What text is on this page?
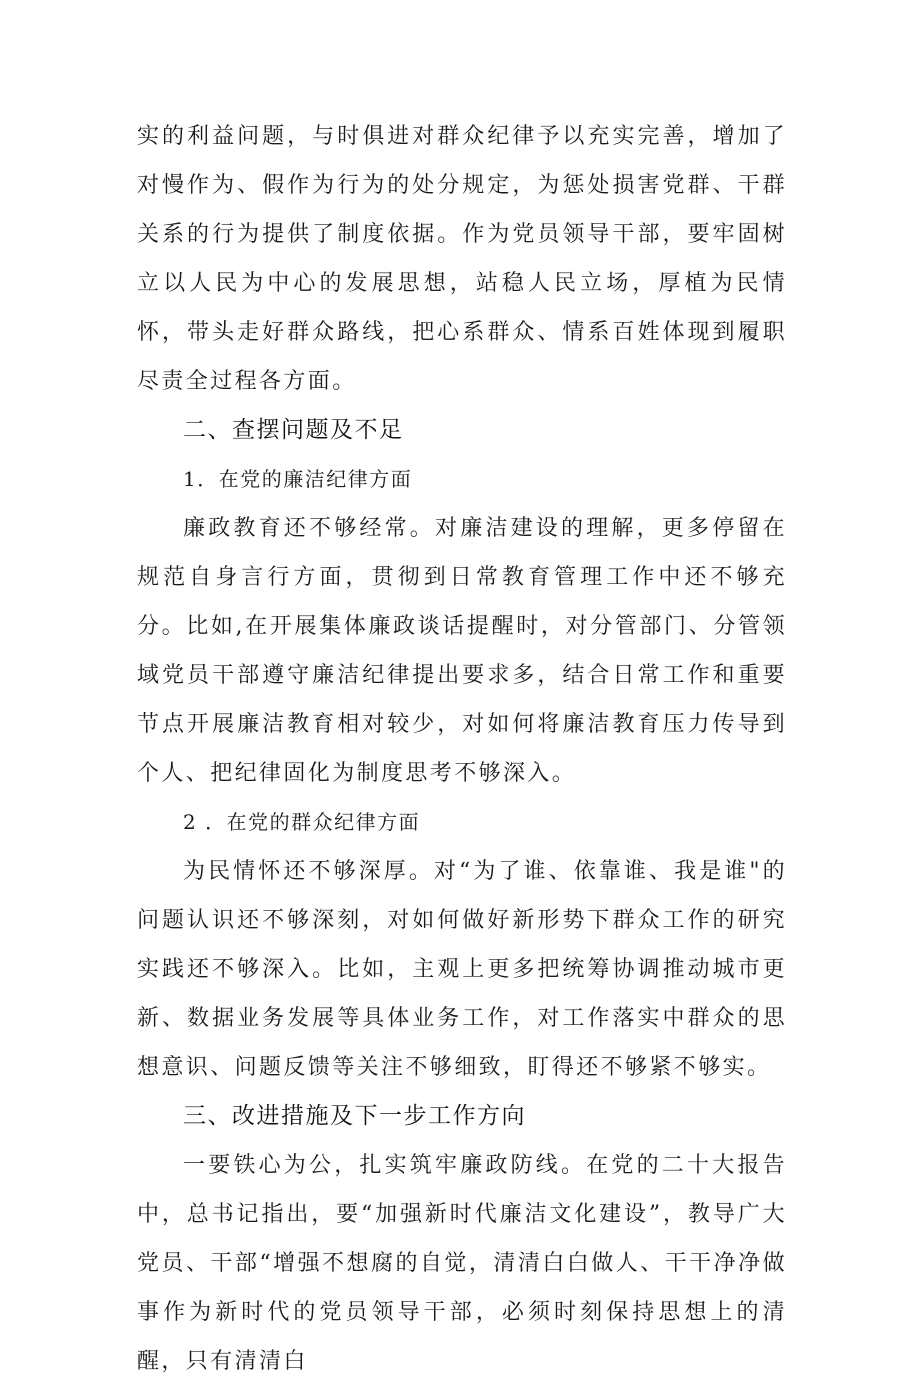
实的利益问题，与时俱进对群众纪律予以充实完善，增加了对慢作为、假作为行为的处分规定，为惩处损害党群、干群关系的行为提供了制度依据。作为党员领导干部，要牢固树立以人民为中心的发展思想，站稳人民立场，厚植为民情怀，带头走好群众路线，把心系群众、情系百姓体现到履职尽责全过程各方面。

二、查摆问题及不足

1．在党的廉洁纪律方面

廉政教育还不够经常。对廉洁建设的理解，更多停留在规范自身言行方面，贯彻到日常教育管理工作中还不够充分。比如,在开展集体廉政谈话提醒时，对分管部门、分管领域党员干部遵守廉洁纪律提出要求多，结合日常工作和重要节点开展廉洁教育相对较少，对如何将廉洁教育压力传导到个人、把纪律固化为制度思考不够深入。

2 ．在党的群众纪律方面

为民情怀还不够深厚。对“为了谁、依靠谁、我是谁"的问题认识还不够深刻，对如何做好新形势下群众工作的研究实践还不够深入。比如，主观上更多把统筹协调推动城市更新、数据业务发展等具体业务工作，对工作落实中群众的思想意识、问题反馈等关注不够细致，盯得还不够紧不够实。

三、改进措施及下一步工作方向

一要铁心为公，扎实筑牢廉政防线。在党的二十大报告中，总书记指出，要“加强新时代廉洁文化建设”，教导广大党员、干部“增强不想腐的自觉，清清白白做人、干干净净做事作为新时代的党员领导干部，必须时刻保持思想上的清醒，只有清清白
